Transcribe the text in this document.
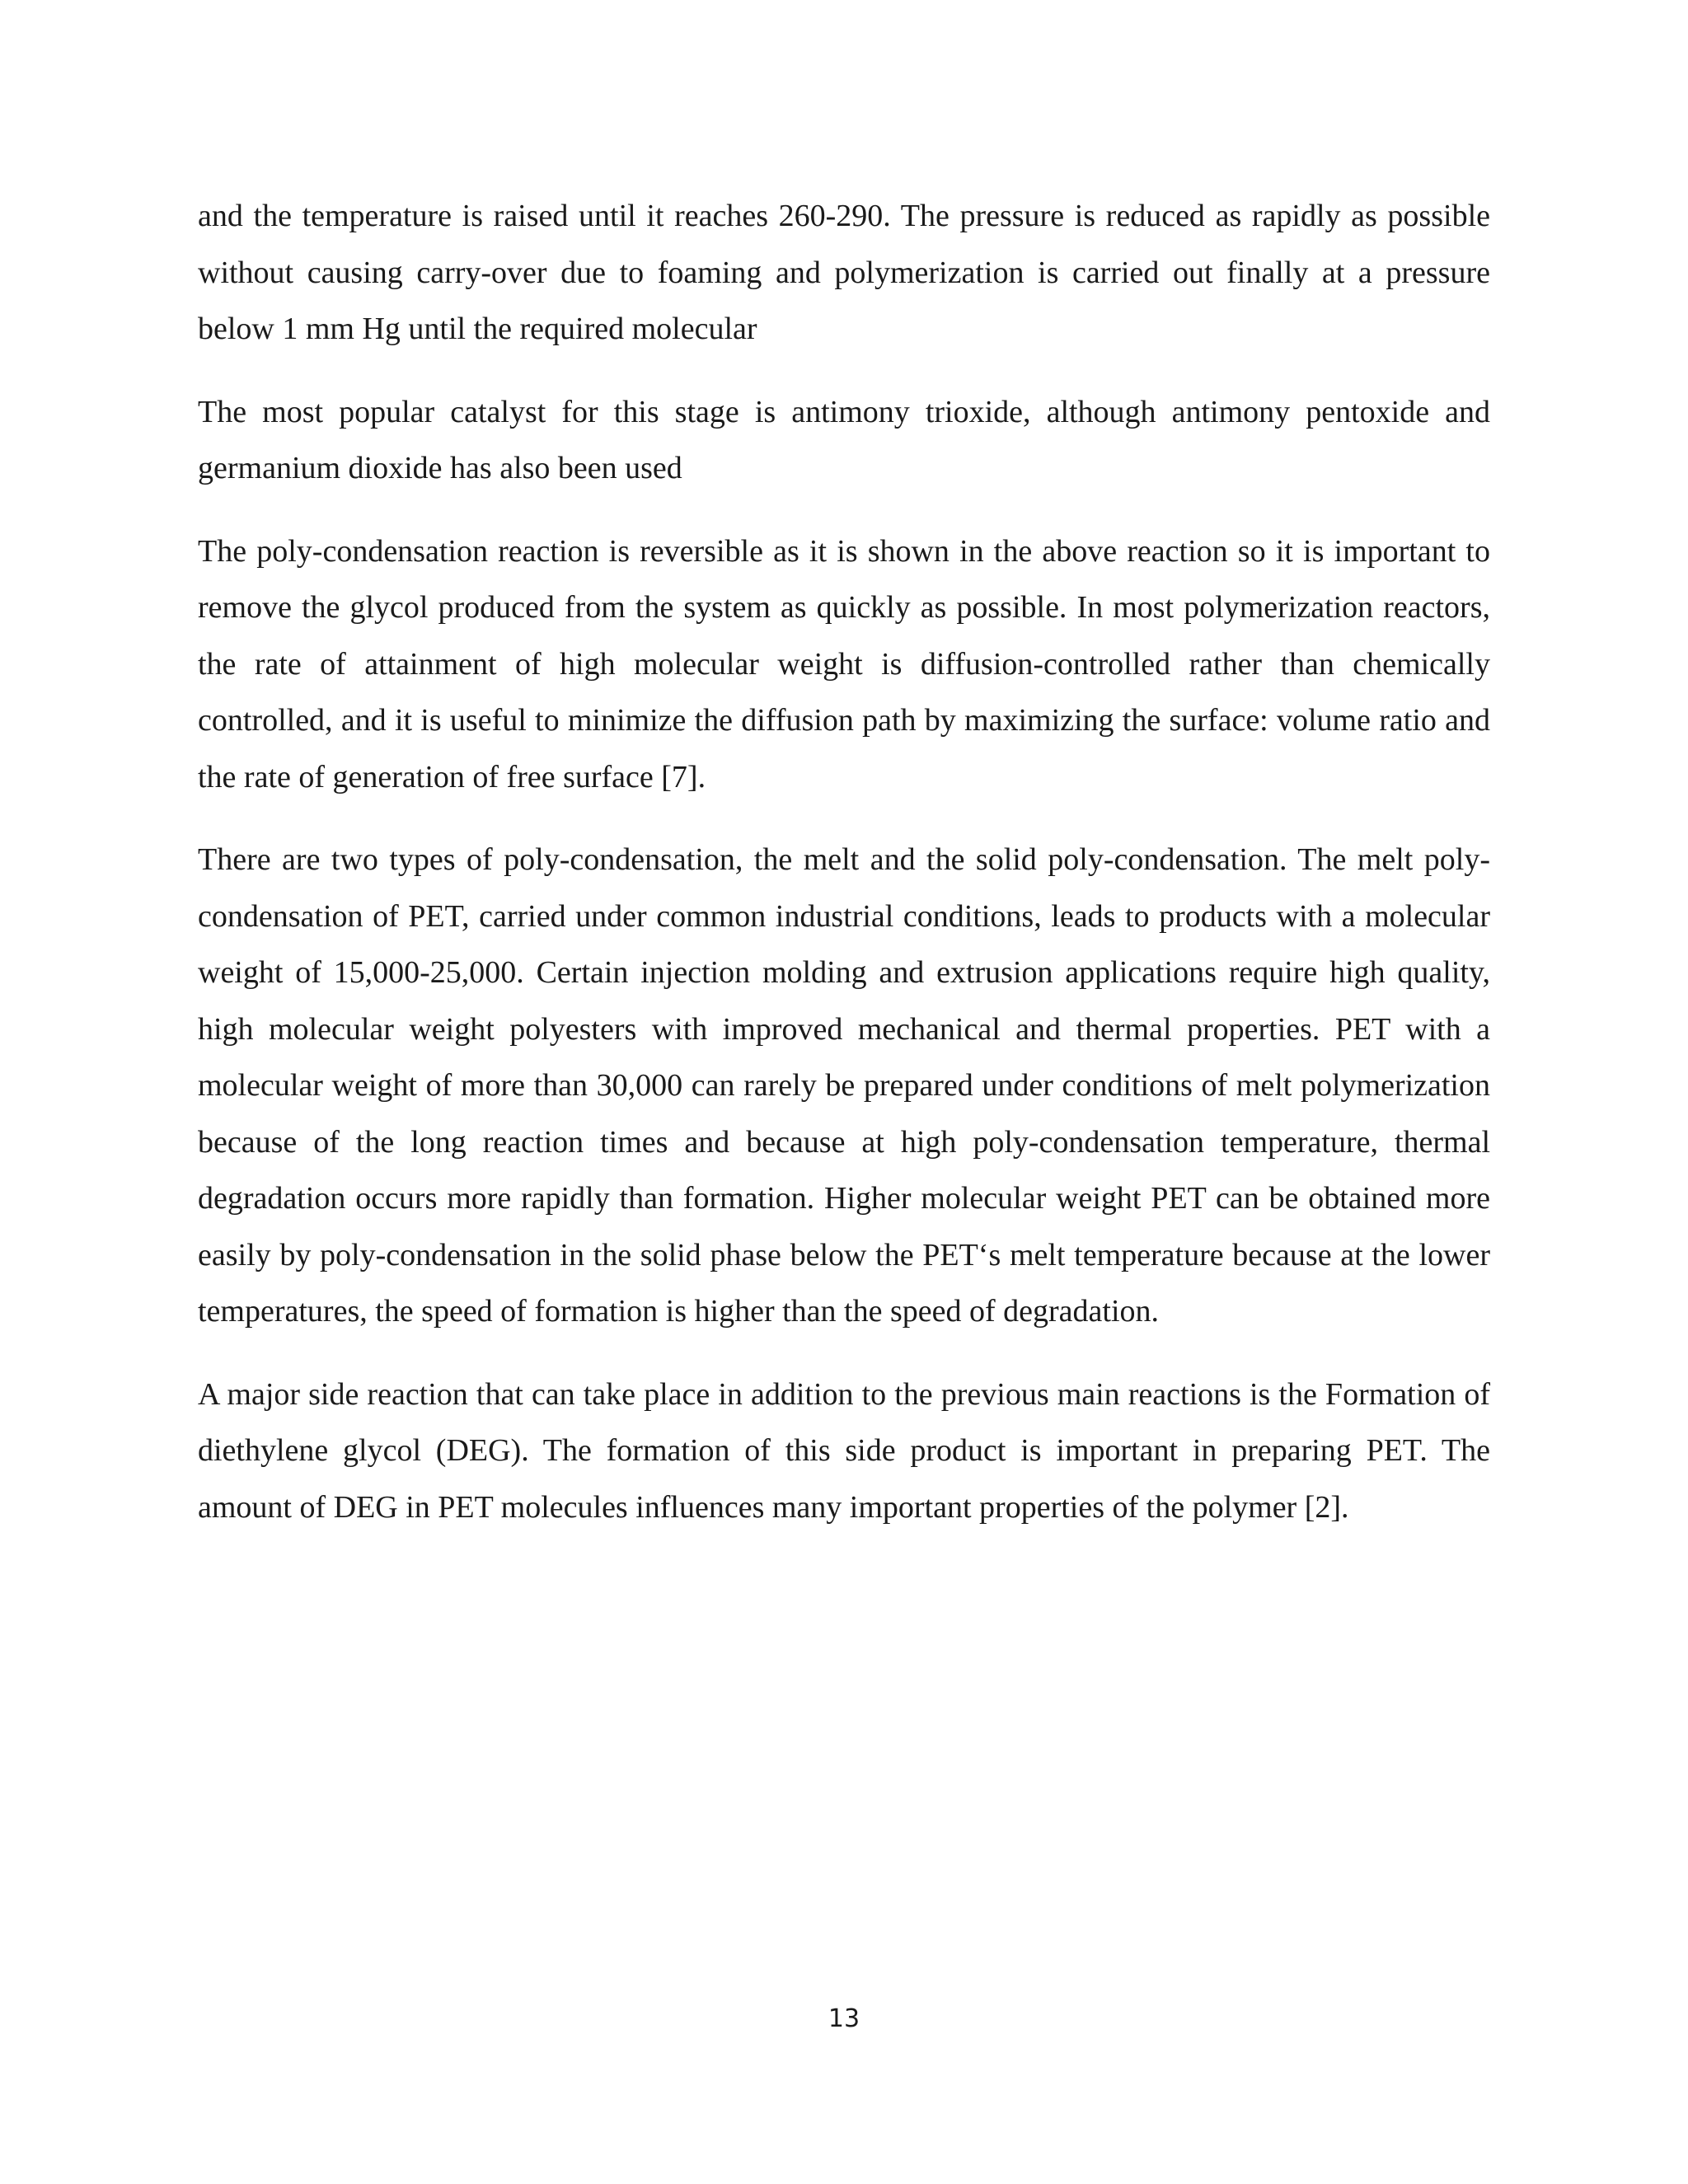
and the temperature is raised until it reaches 260-290. The pressure is reduced as rapidly as possible without causing carry-over due to foaming and polymerization is carried out finally at a pressure below 1 mm Hg until the required molecular

The most popular catalyst for this stage is antimony trioxide, although antimony pentoxide and germanium dioxide has also been used

The poly-condensation reaction is reversible as it is shown in the above reaction so it is important to remove the glycol produced from the system as quickly as possible. In most polymerization reactors, the rate of attainment of high molecular weight is diffusion-controlled rather than chemically controlled, and it is useful to minimize the diffusion path by maximizing the surface: volume ratio and the rate of generation of free surface [7].

There are two types of poly-condensation, the melt and the solid poly-condensation. The melt poly-condensation of PET, carried under common industrial conditions, leads to products with a molecular weight of 15,000-25,000. Certain injection molding and extrusion applications require high quality, high molecular weight polyesters with improved mechanical and thermal properties. PET with a molecular weight of more than 30,000 can rarely be prepared under conditions of melt polymerization because of the long reaction times and because at high poly-condensation temperature, thermal degradation occurs more rapidly than formation. Higher molecular weight PET can be obtained more easily by poly-condensation in the solid phase below the PET‘s melt temperature because at the lower temperatures, the speed of formation is higher than the speed of degradation.

A major side reaction that can take place in addition to the previous main reactions is the Formation of diethylene glycol (DEG). The formation of this side product is important in preparing PET. The amount of DEG in PET molecules influences many important properties of the polymer [2].

13
